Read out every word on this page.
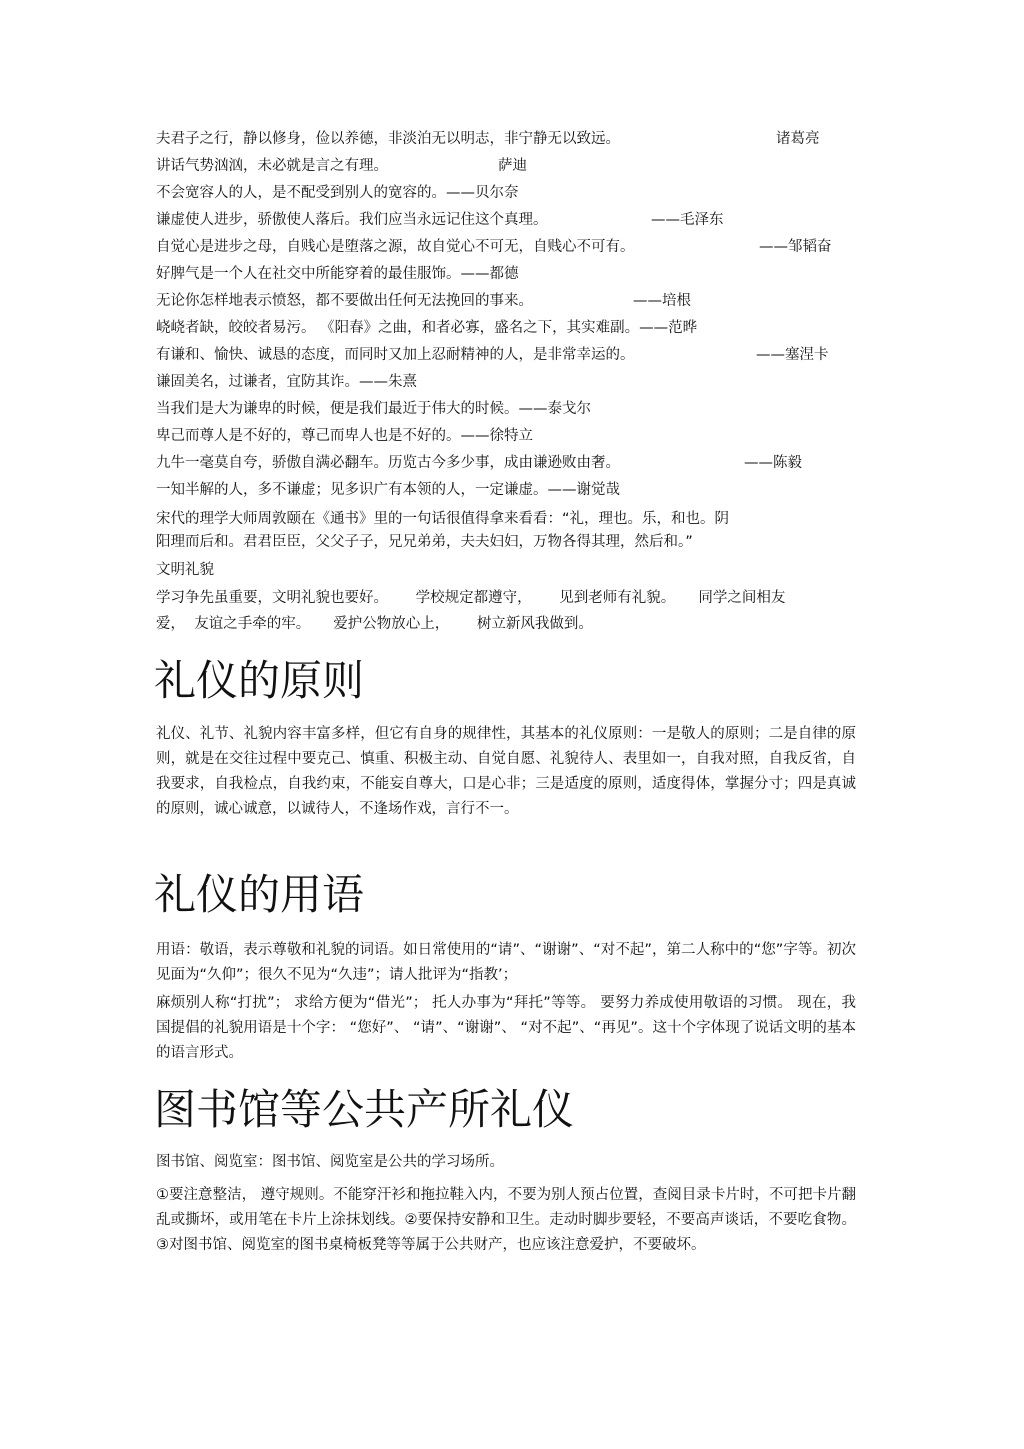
夫君子之行，静以修身，俭以养德，非淡泊无以明志，非宁静无以致远。	诸葛亮
讲话气势汹汹，未必就是言之有理。	萨迪
不会宽容人的人，是不配受到别人的宽容的。——贝尔奈
谦虚使人进步，骄傲使人落后。我们应当永远记住这个真理。	——毛泽东
自觉心是进步之母，自贱心是堕落之源，故自觉心不可无，自贱心不可有。	——邹韬奋
好脾气是一个人在社交中所能穿着的最佳服饰。——都德
无论你怎样地表示愤怒，都不要做出任何无法挽回的事来。	——培根
峣峣者缺，皎皎者易污。 《阳春》之曲，和者必寡，盛名之下，其实难副。——范晔
有谦和、愉快、诚恳的态度，而同时又加上忍耐精神的人，是非常幸运的。	——塞涅卡
谦固美名，过谦者，宜防其诈。——朱熹
当我们是大为谦卑的时候，便是我们最近于伟大的时候。——泰戈尔
卑己而尊人是不好的，尊己而卑人也是不好的。——徐特立
九牛一毫莫自夸，骄傲自满必翻车。历览古今多少事，成由谦逊败由奢。	——陈毅
一知半解的人，多不谦虚；见多识广有本领的人，一定谦虚。——谢觉哉
宋代的理学大师周敦颐在《通书》里的一句话很值得拿来看看：“礼，理也。乐，和也。阴
阳理而后和。君君臣臣，父父子子，兄兄弟弟，夫夫妇妇，万物各得其理，然后和。”
文明礼貌
学习争先虽重要，文明礼貌也要好。      学校规定都遵守，      见到老师有礼貌。     同学之间相友
爱，  友谊之手牵的牢。     爱护公物放心上，      树立新风我做到。
礼仪的原则

礼仪、礼节、礼貌内容丰富多样，但它有自身的规律性，其基本的礼仪原则：一是敬人的原则；二是自律的原则，就是在交往过程中要克己、慎重、积极主动、自觉自愿、礼貌待人、表里如一，自我对照，自我反省，自我要求，自我检点，自我约束，不能妄自尊大，口是心非；三是适度的原则，适度得体，掌握分寸；四是真诚的原则，诚心诚意，以诚待人，不逢场作戏，言行不一。

礼仪的用语

用语：敬语，表示尊敬和礼貌的词语。如日常使用的“请”、“谢谢”、“对不起”，第二人称中的“您”字等。初次见面为“久仰”；很久不见为“久违”；请人批评为“指教’；

麻烦别人称“打扰”； 求给方便为“借光”； 托人办事为“拜托”等等。 要努力养成使用敬语的习惯。 现在，我国提倡的礼貌用语是十个字： “您好”、 “请”、“谢谢”、 “对不起”、“再见”。这十个字体现了说话文明的基本的语言形式。

图书馆等公共产所礼仪

图书馆、阅览室：图书馆、阅览室是公共的学习场所。

①要注意整洁， 遵守规则。不能穿汗衫和拖拉鞋入内，不要为别人预占位置，查阅目录卡片时，不可把卡片翻乱或撕坏，或用笔在卡片上涂抹划线。②要保持安静和卫生。走动时脚步要轻，不要高声谈话，不要吃食物。③对图书馆、阅览室的图书桌椅板凳等等属于公共财产，也应该注意爱护，不要破坏。
